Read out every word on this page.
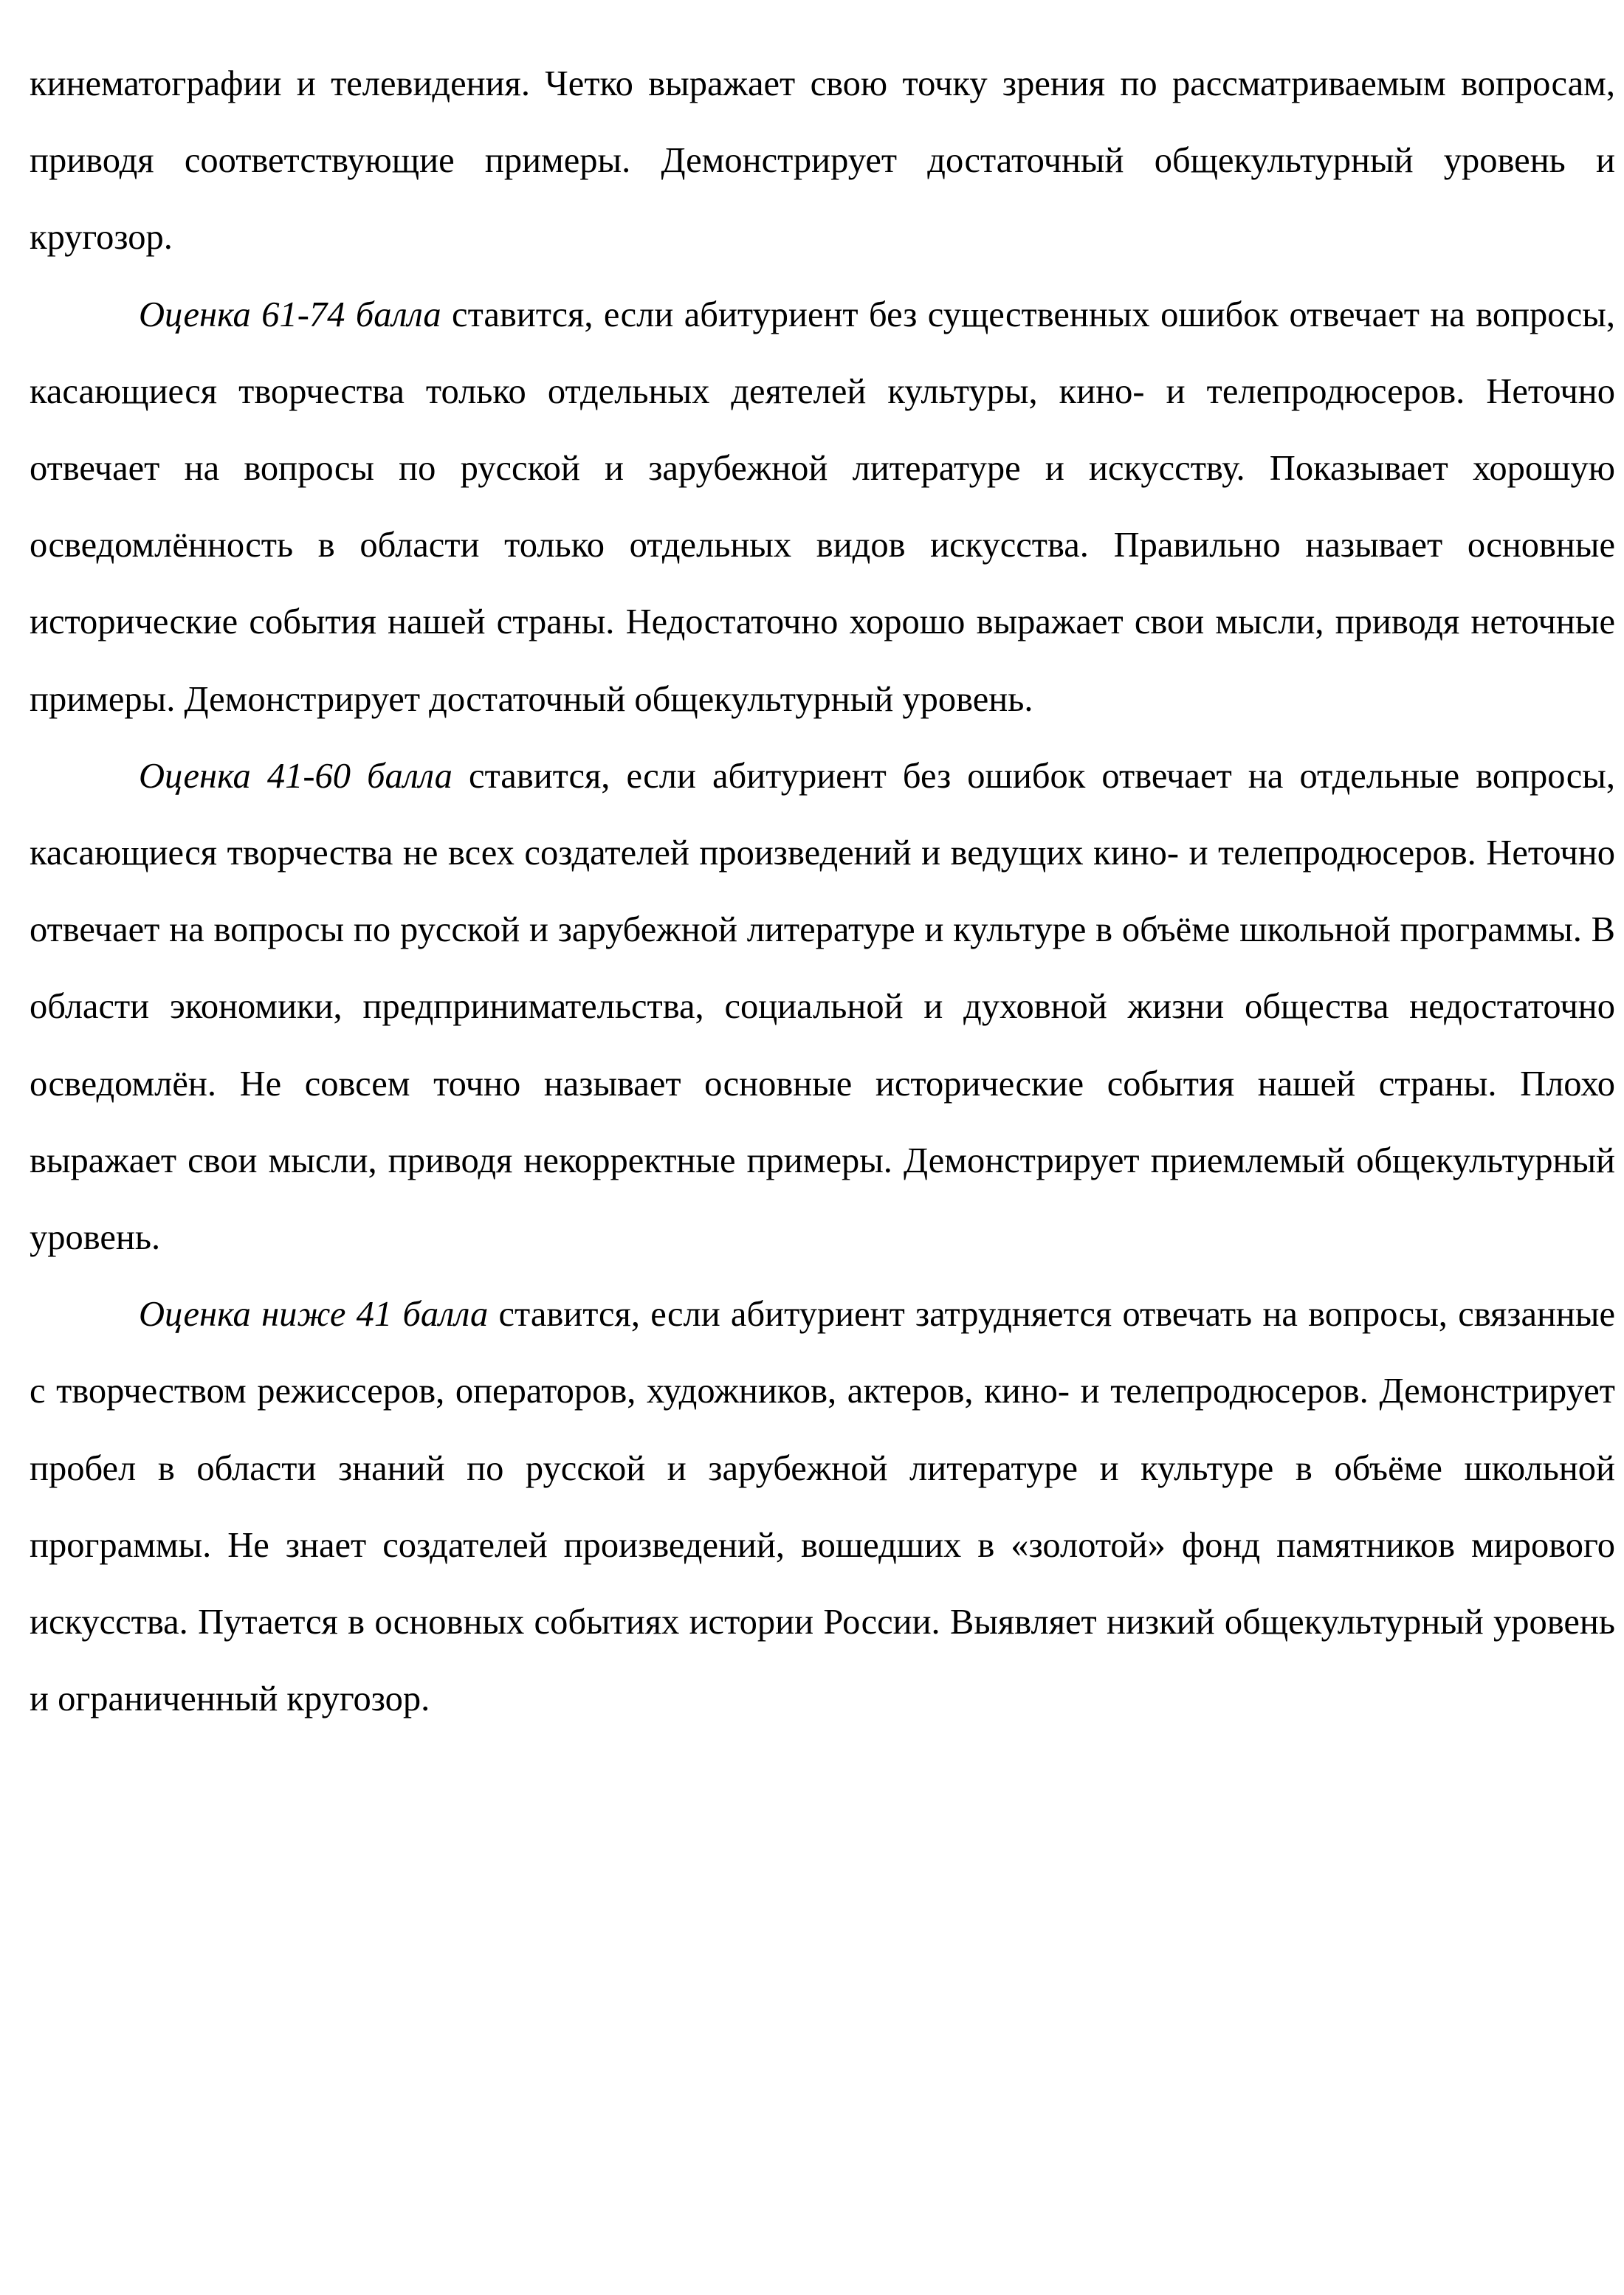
кинематографии и телевидения. Четко выражает свою точку зрения по рассматриваемым вопросам, приводя соответствующие примеры. Демонстрирует достаточный общекультурный уровень и кругозор.

Оценка 61-74 балла ставится, если абитуриент без существенных ошибок отвечает на вопросы, касающиеся творчества только отдельных деятелей культуры, кино- и телепродюсеров. Неточно отвечает на вопросы по русской и зарубежной литературе и искусству. Показывает хорошую осведомлённость в области только отдельных видов искусства. Правильно называет основные исторические события нашей страны. Недостаточно хорошо выражает свои мысли, приводя неточные примеры. Демонстрирует достаточный общекультурный уровень.

Оценка 41-60 балла ставится, если абитуриент без ошибок отвечает на отдельные вопросы, касающиеся творчества не всех создателей произведений и ведущих кино- и телепродюсеров. Неточно отвечает на вопросы по русской и зарубежной литературе и культуре в объёме школьной программы. В области экономики, предпринимательства, социальной и духовной жизни общества недостаточно осведомлён. Не совсем точно называет основные исторические события нашей страны. Плохо выражает свои мысли, приводя некорректные примеры. Демонстрирует приемлемый общекультурный уровень.

Оценка ниже 41 балла ставится, если абитуриент затрудняется отвечать на вопросы, связанные с творчеством режиссеров, операторов, художников, актеров, кино- и телепродюсеров. Демонстрирует пробел в области знаний по русской и зарубежной литературе и культуре в объёме школьной программы. Не знает создателей произведений, вошедших в «золотой» фонд памятников мирового искусства. Путается в основных событиях истории России. Выявляет низкий общекультурный уровень и ограниченный кругозор.
